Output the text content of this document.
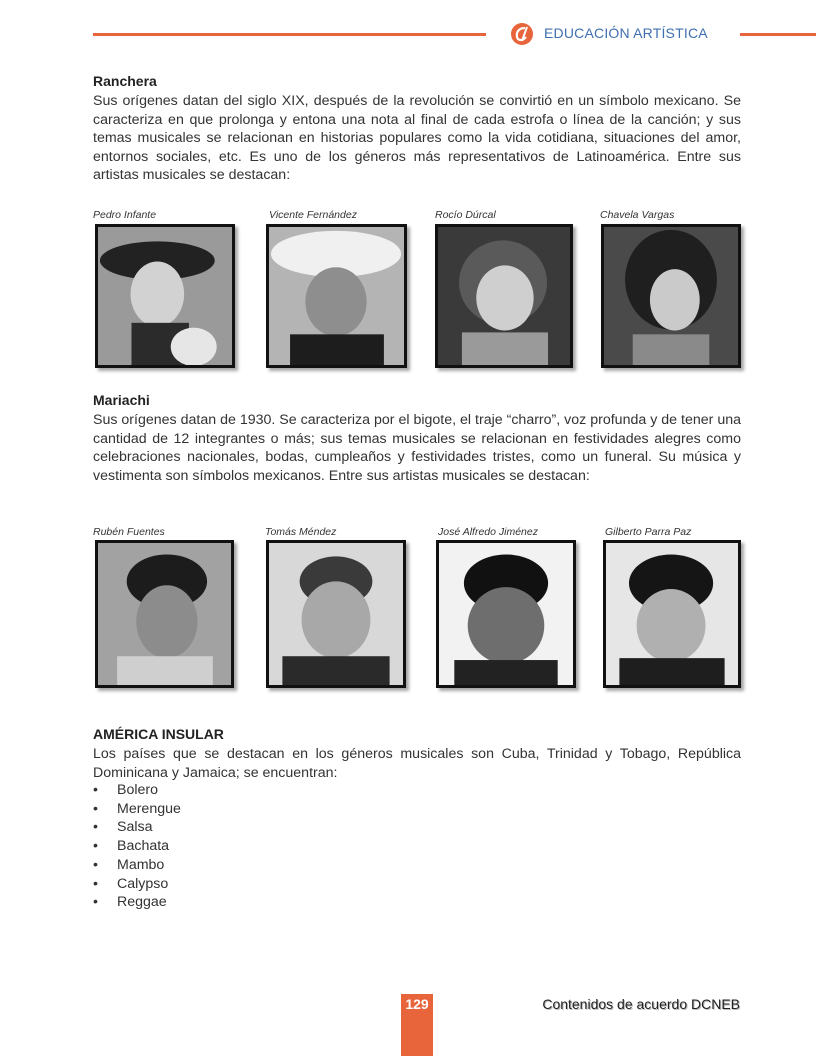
EDUCACIÓN ARTÍSTICA
Ranchera

Sus orígenes datan del siglo XIX, después de la revolución se convirtió en un símbolo mexicano. Se caracteriza en que prolonga y entona una nota al final de cada estrofa o línea de la canción; y sus temas musicales se relacionan en historias populares como la vida cotidiana, situaciones del amor, entornos sociales, etc. Es uno de los géneros más representativos de Latinoamérica. Entre sus artistas musicales se destacan:

Pedro Infante	Vicente Fernández	Rocío Dúrcal	Chavela Vargas
Mariachi

Sus orígenes datan de 1930. Se caracteriza por el bigote, el traje “charro”, voz profunda y de tener una cantidad de 12 integrantes o más; sus temas musicales se relacionan en festividades alegres como celebraciones nacionales, bodas, cumpleaños y festividades tristes, como un funeral. Su música y vestimenta son símbolos mexicanos. Entre sus artistas musicales se destacan:

Rubén Fuentes	Tomás Méndez	José Alfredo Jiménez	Gilberto Parra Paz
AMÉRICA INSULAR

Los países que se destacan en los géneros musicales son Cuba, Trinidad y Tobago, República Dominicana y Jamaica; se encuentran:

• Bolero
• Merengue
• Salsa
• Bachata
• Mambo
• Calypso
• Reggae
129	Contenidos de acuerdo DCNEB
